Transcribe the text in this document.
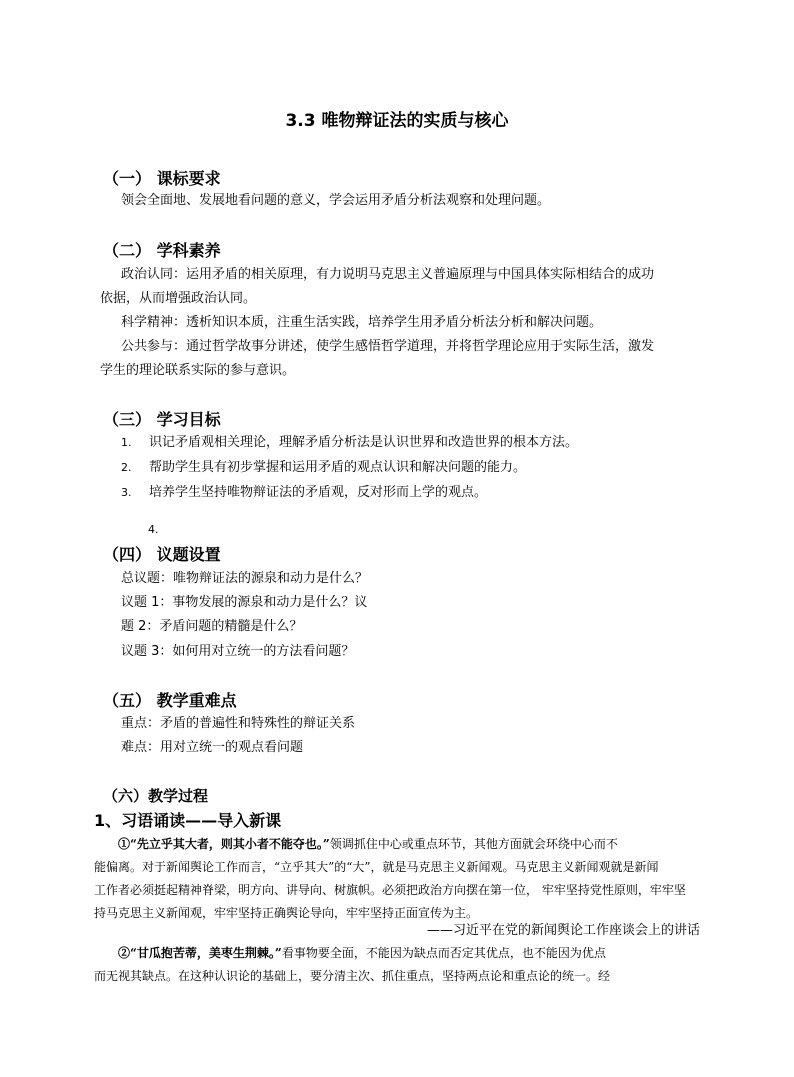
3.3 唯物辩证法的实质与核心
（一） 课标要求
领会全面地、发展地看问题的意义，学会运用矛盾分析法观察和处理问题。
（二） 学科素养
政治认同：运用矛盾的相关原理，有力说明马克思主义普遍原理与中国具体实际相结合的成功
依据，从而增强政治认同。
科学精神：透析知识本质，注重生活实践，培养学生用矛盾分析法分析和解决问题。
公共参与：通过哲学故事分讲述，使学生感悟哲学道理，并将哲学理论应用于实际生活，激发
学生的理论联系实际的参与意识。
（三） 学习目标
1. 识记矛盾观相关理论，理解矛盾分析法是认识世界和改造世界的根本方法。
2. 帮助学生具有初步掌握和运用矛盾的观点认识和解决问题的能力。
3. 培养学生坚持唯物辩证法的矛盾观，反对形而上学的观点。
4.
（四） 议题设置
总议题：唯物辩证法的源泉和动力是什么？
议题 1：事物发展的源泉和动力是什么？议
题 2：矛盾问题的精髓是什么？
议题 3：如何用对立统一的方法看问题？
（五） 教学重难点
重点：矛盾的普遍性和特殊性的辩证关系
难点：用对立统一的观点看问题
（六）教学过程
1、习语诵读——导入新课
①“先立乎其大者，则其小者不能夺也。”领调抓住中心或重点环节，其他方面就会环绕中心而不
能偏离。对于新闻舆论工作而言，“立乎其大”的“大”，就是马克思主义新闻观。马克思主义新闻观就是新闻
工作者必须挺起精神脊梁，明方向、讲导向、树旗帜。必须把政治方向摆在第一位， 牢牢坚持党性原则，牢牢坚
持马克思主义新闻观，牢牢坚持正确舆论导向，牢牢坚持正面宣传为主。
——习近平在党的新闻舆论工作座谈会上的讲话
②“甘瓜抱苦蒂，美枣生荆棘。”看事物要全面，不能因为缺点而否定其优点，也不能因为优点
而无视其缺点。在这种认识论的基础上，要分清主次、抓住重点，坚持两点论和重点论的统一。经
